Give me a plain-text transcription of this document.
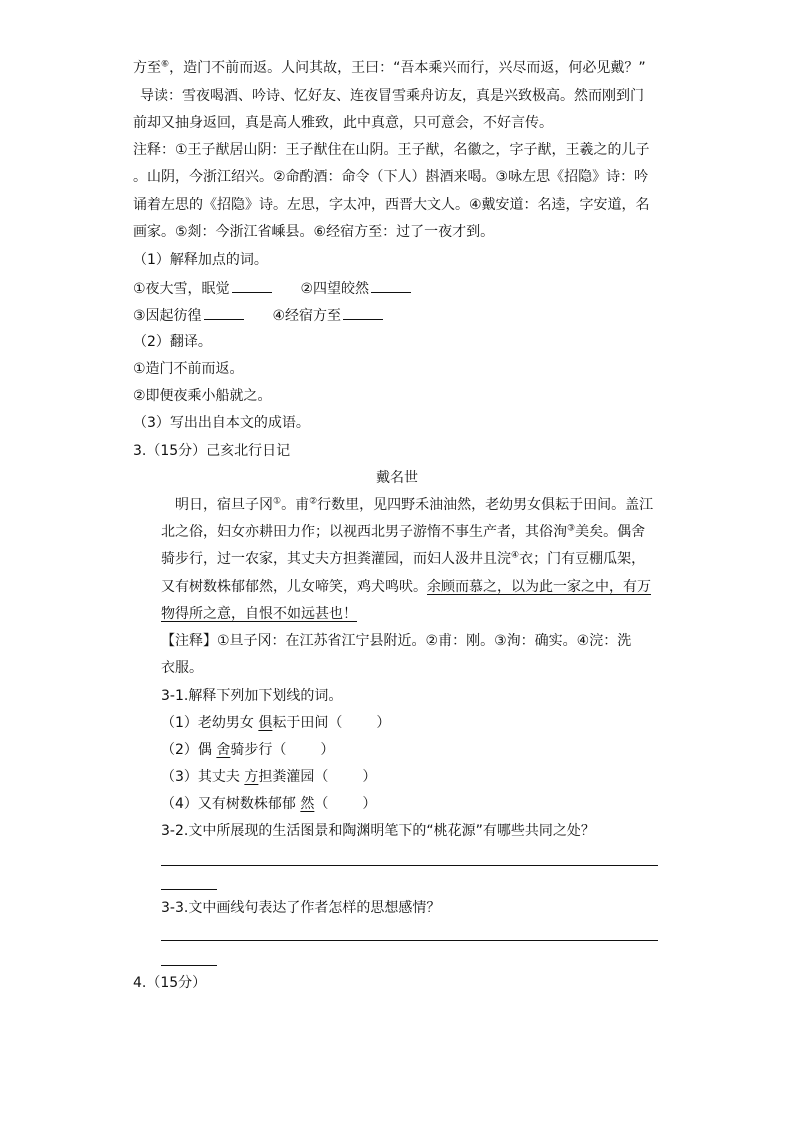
方至⑥，造门不前而返。人问其故，王曰：“吾本乘兴而行，兴尽而返，何必见戴？”
导读：雪夜喝酒、吟诗、忆好友、连夜冒雪乘舟访友，真是兴致极高。然而刚到门
前却又抽身返回，真是高人雅致，此中真意，只可意会，不好言传。
注释：①王子猷居山阴：王子猷住在山阴。王子猷，名徽之，字子猷，王羲之的儿子
。山阴，今浙江绍兴。②命酌酒：命令（下人）斟酒来喝。③咏左思《招隐》诗：吟
诵着左思的《招隐》诗。左思，字太冲，西晋大文人。④戴安道：名逵，字安道，名
画家。⑤剡：今浙江省嵊县。⑥经宿方至：过了一夜才到。
（1）解释加点的词。
①夜大雪，眠觉	②四望皎然
③因起彷徨	④经宿方至
（2）翻译。
①造门不前而返。
②即便夜乘小船就之。
（3）写出出自本文的成语。
3.（15分）己亥北行日记
戴名世
明日，宿旦子冈①。甫②行数里，见四野禾油油然，老幼男女俱耘于田间。盖江
北之俗，妇女亦耕田力作；以视西北男子游惰不事生产者，其俗洵③美矣。偶舍
骑步行，过一农家，其丈夫方担粪灌园，而妇人汲井且浣④衣；门有豆棚瓜架，
又有树数株郁郁然，儿女啼笑，鸡犬鸣吠。余顾而慕之，以为此一家之中，有万
物得所之意，自恨不如远甚也！
【注释】①旦子冈：在江苏省江宁县附近。②甫：刚。③洵：确实。④浣：洗
衣服。
3-1.解释下列加下划线的词。
（1）老幼男女 俱耘于田间（ ）
（2）偶 舍骑步行（ ）
（3）其丈夫 方担粪灌园（ ）
（4）又有树数株郁郁 然（ ）
3-2.文中所展现的生活图景和陶渊明笔下的“桃花源”有哪些共同之处？
3-3.文中画线句表达了作者怎样的思想感情？
4.（15分）
